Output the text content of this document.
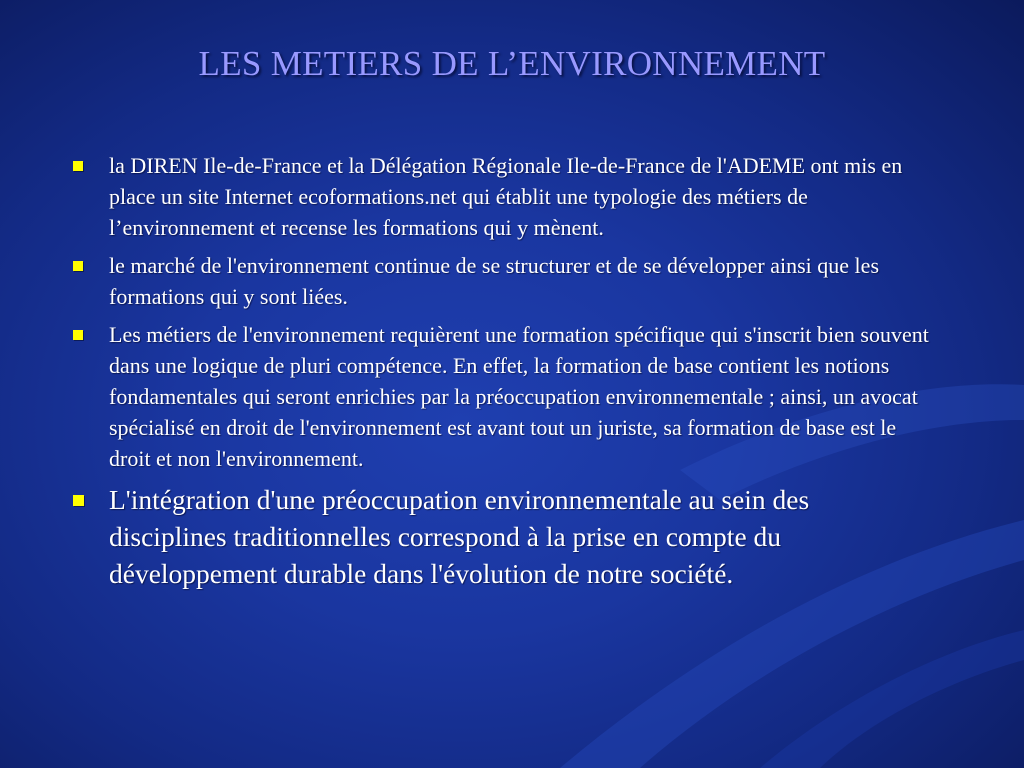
LES METIERS DE L’ENVIRONNEMENT
la DIREN Ile-de-France et la Délégation Régionale Ile-de-France de l'ADEME ont mis en place un site Internet ecoformations.net qui établit une typologie des métiers de l’environnement et recense les formations qui y mènent.
le marché de l'environnement continue de se structurer et de se développer ainsi que les formations qui y sont liées.
Les métiers de l'environnement requièrent une formation spécifique qui s'inscrit bien souvent dans une logique de pluri compétence. En effet, la formation de base contient les notions fondamentales qui seront enrichies par la préoccupation environnementale ; ainsi, un avocat spécialisé en droit de l'environnement est avant tout un juriste, sa formation de base est le droit et non l'environnement.
L'intégration d'une préoccupation environnementale au sein des disciplines traditionnelles correspond à la prise en compte du développement durable dans l'évolution de notre société.
